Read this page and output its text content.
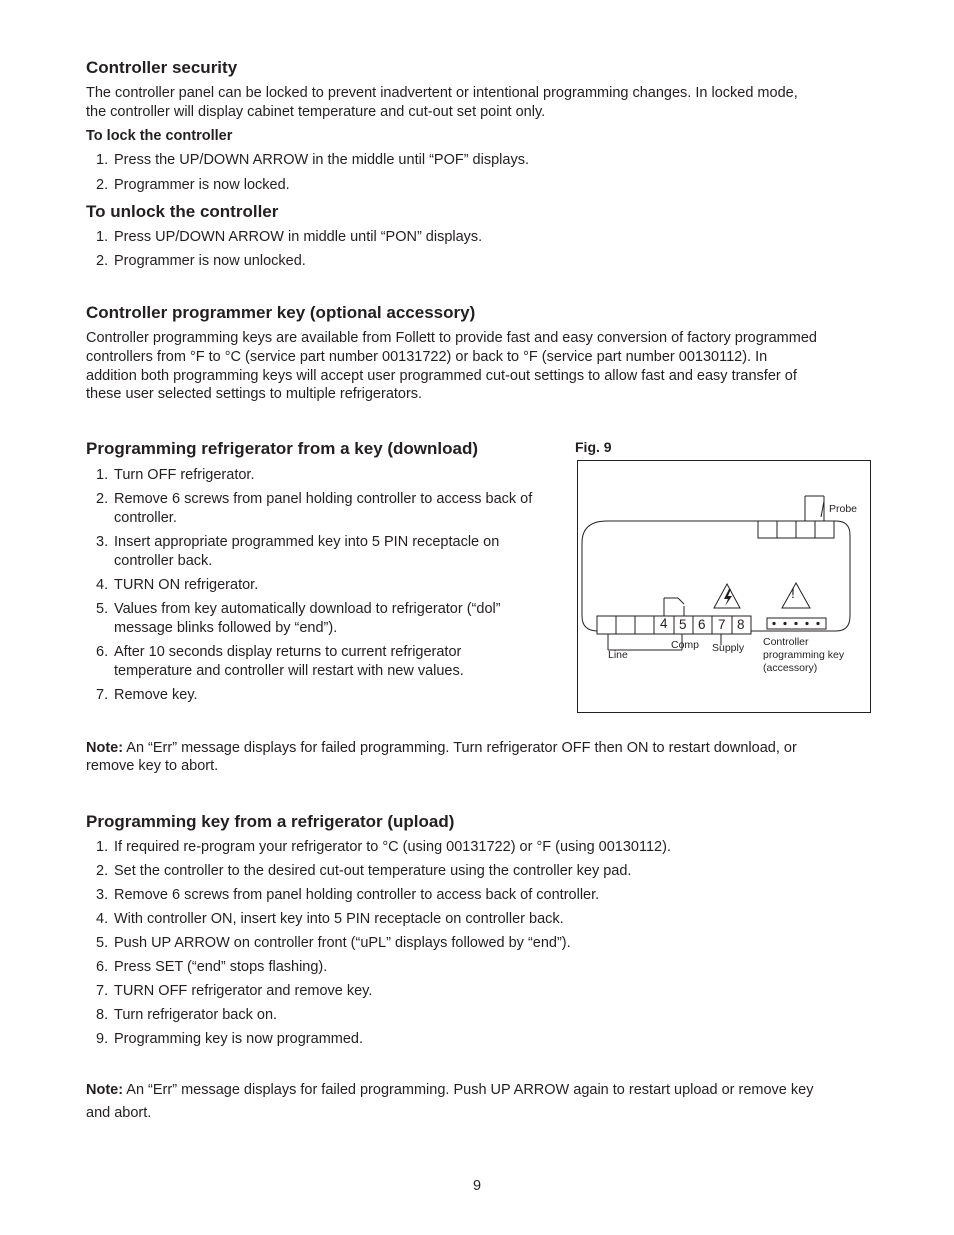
Controller security

The controller panel can be locked to prevent inadvertent or intentional programming changes. In locked mode,

the controller will display cabinet temperature and cut-out set point only.

To lock the controller
1. Press the UP/DOWN ARROW in the middle until “POF” displays.
2. Programmer is now locked.
To unlock the controller
1. Press UP/DOWN ARROW in middle until “PON” displays.
2. Programmer is now unlocked.
Controller programmer key (optional accessory)

Controller programming keys are available from Follett to provide fast and easy conversion of factory programmed

controllers from °F to °C (service part number 00131722) or back to °F (service part number 00130112). In

addition both programming keys will accept user programmed cut-out settings to allow fast and easy transfer of

these user selected settings to multiple refrigerators.

Programming refrigerator from a key (download)
1. Turn OFF refrigerator.
2. Remove 6 screws from panel holding controller to access back of
controller.
3. Insert appropriate programmed key into 5 PIN receptacle on
controller back.
4. TURN ON refrigerator.
5. Values from key automatically download to refrigerator (“dol”
message blinks followed by “end”).
6. After 10 seconds display returns to current refrigerator
temperature and controller will restart with new values.
7. Remove key.
Fig. 9
Probe
!
4 5 6 7 8
Line
Comp Supply Controller
programming key
(accessory)

Note: An “Err” message displays for failed programming. Turn refrigerator OFF then ON to restart download, or

remove key to abort.

Programming key from a refrigerator (upload)
1. If required re-program your refrigerator to °C (using 00131722) or °F (using 00130112).
2. Set the controller to the desired cut-out temperature using the controller key pad.
3. Remove 6 screws from panel holding controller to access back of controller.
4. With controller ON, insert key into 5 PIN receptacle on controller back.
5. Push UP ARROW on controller front (“uPL” displays followed by “end”).
6. Press SET (“end” stops flashing).
7. TURN OFF refrigerator and remove key.
8. Turn refrigerator back on.
9. Programming key is now programmed.

Note: An “Err” message displays for failed programming. Push UP ARROW again to restart upload or remove key

and abort.

9
